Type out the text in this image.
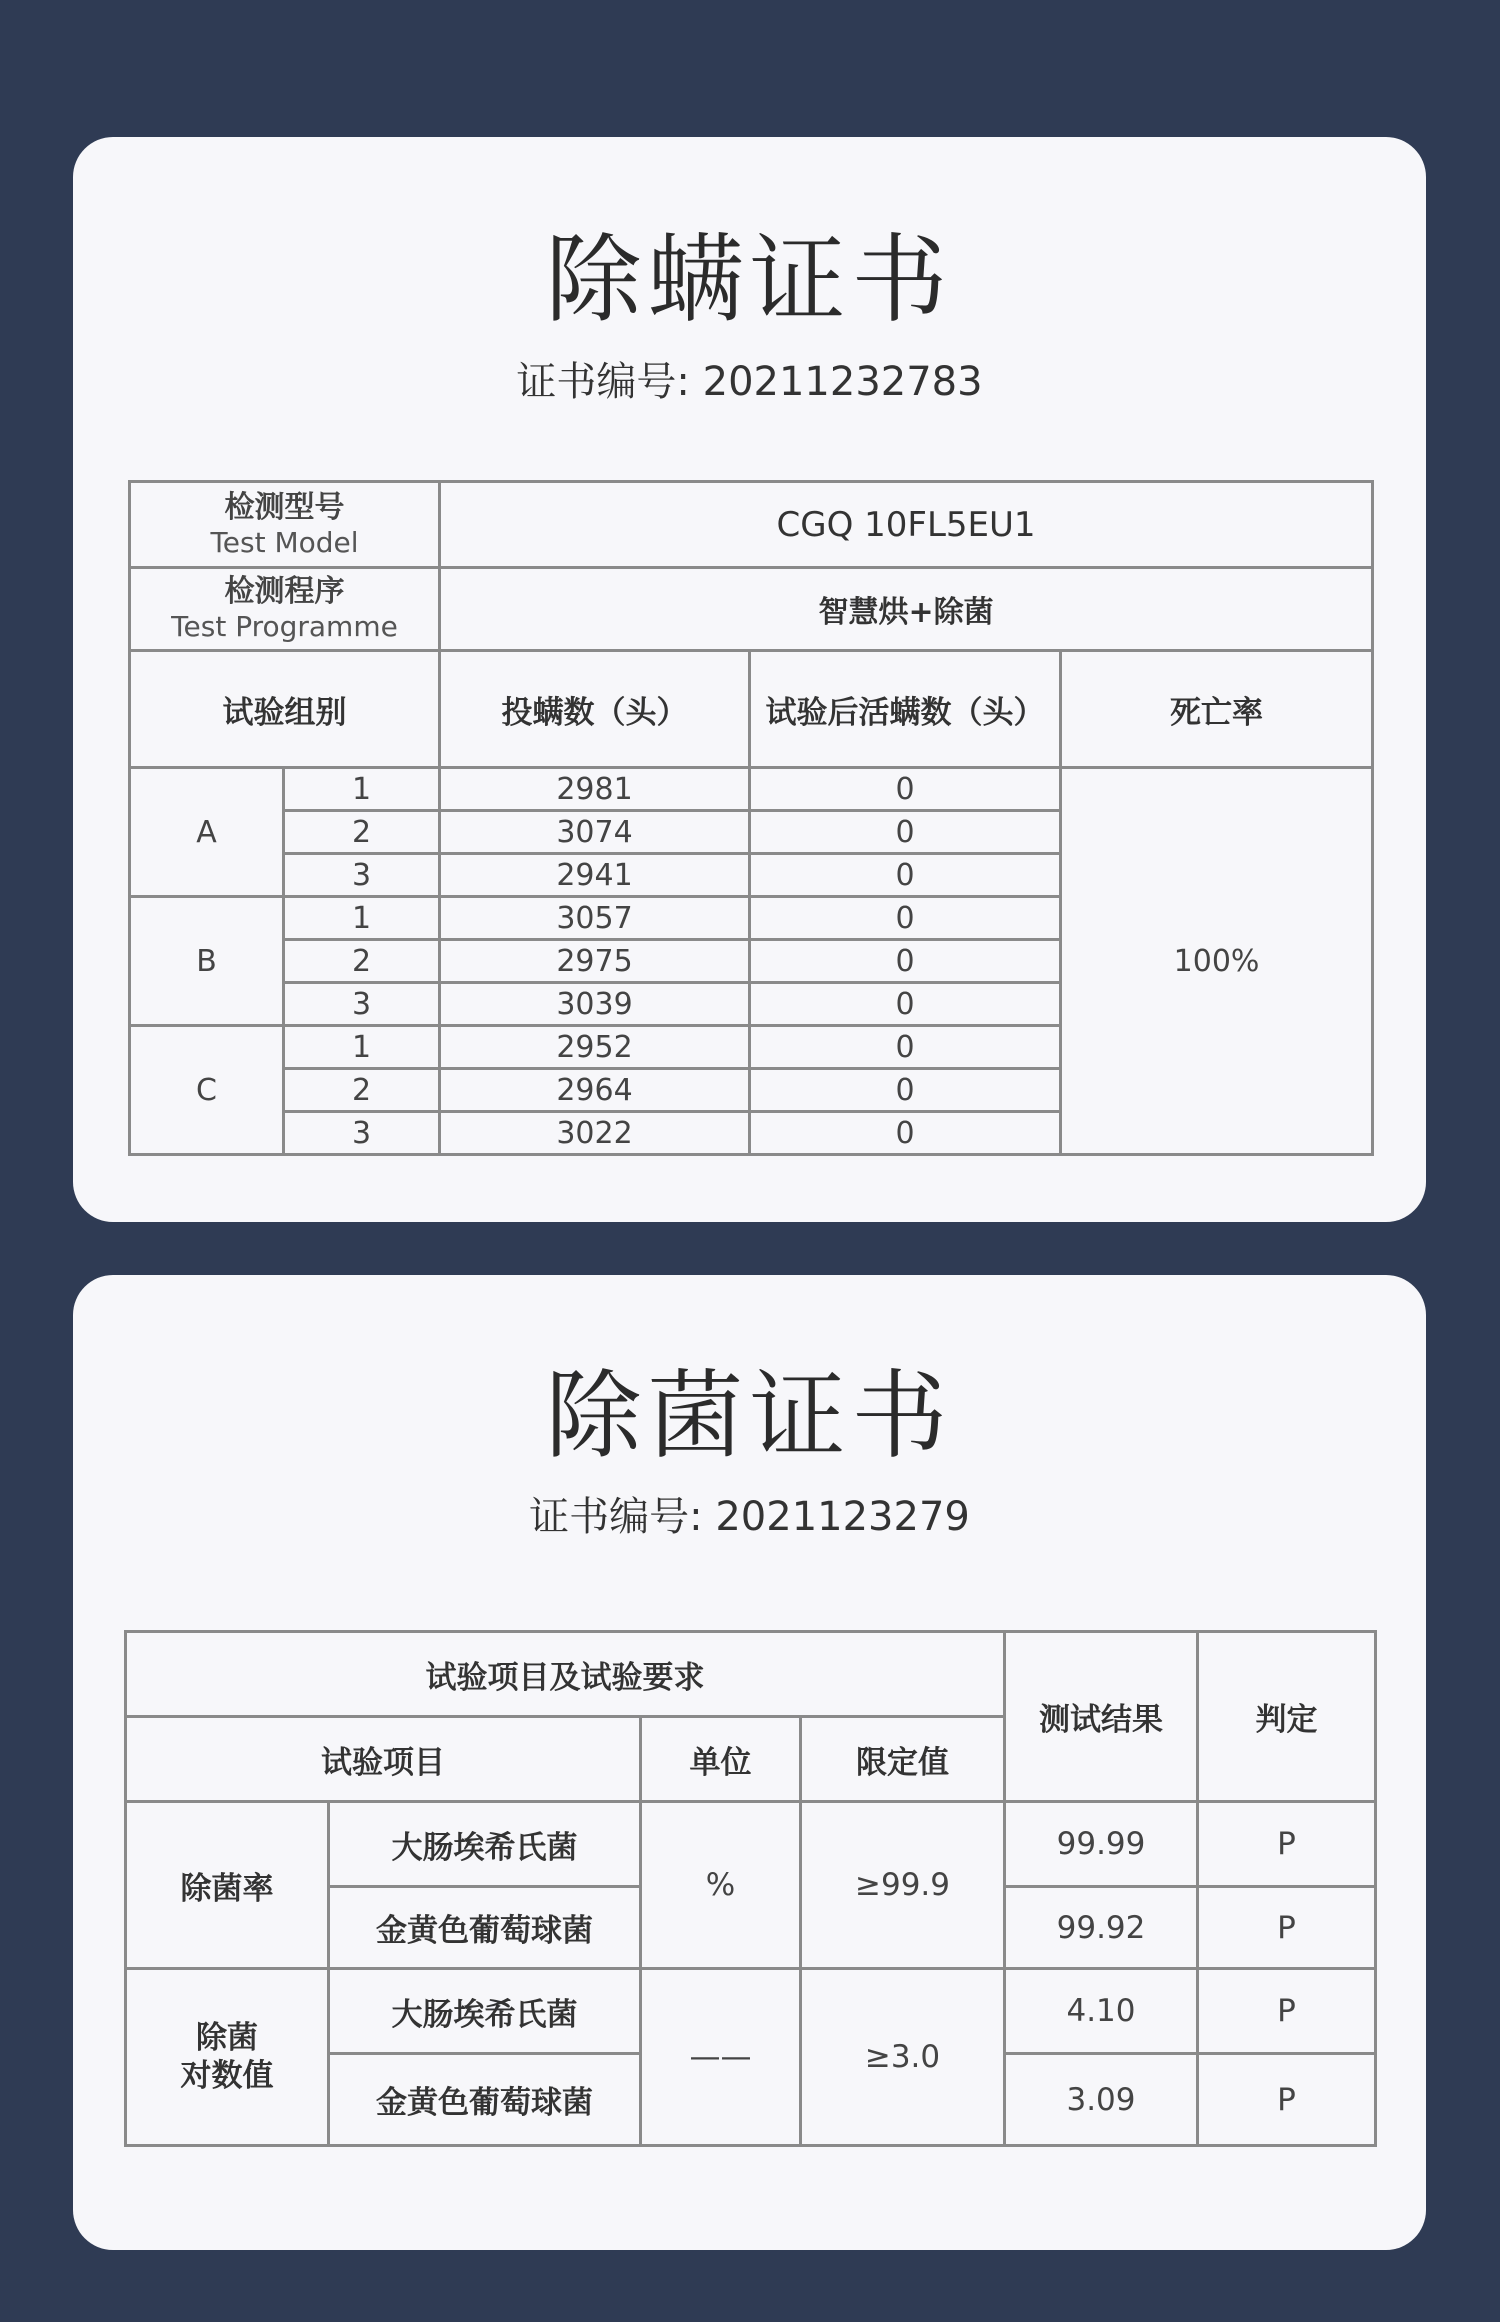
除螨证书
证书编号: 20211232783
检测型号
Test Model		CGQ 10FL5EU1		

检测程序
Test Programme		智慧烘+除菌		
试验组别		投螨数（头）	试验后活螨数（头）	死亡率
A	1	2981	0	100%
	2	3074	0	
	3	2941	0	
B	1	3057	0	
	2	2975	0	
	3	3039	0	
C	1	2952	0	
	2	2964	0	
	3	3022	0	
除菌证书
证书编号: 2021123279
试验项目及试验要求				测试结果	判定
试验项目		单位	限定值		
除菌率	大肠埃希氏菌	%	≥99.9	99.99	P
	金黄色葡萄球菌			99.92	P

除菌
对数值	大肠埃希氏菌	——	≥3.0	4.10	P
	金黄色葡萄球菌			3.09	P
